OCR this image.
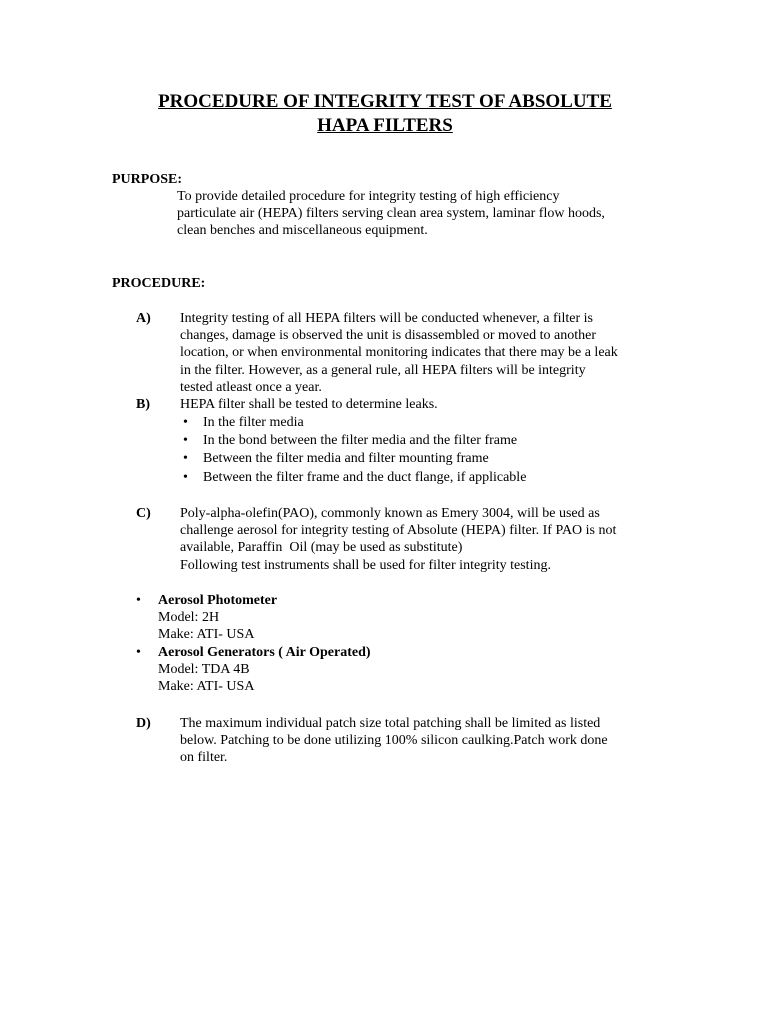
PROCEDURE OF INTEGRITY TEST OF ABSOLUTE
HAPA FILTERS
PURPOSE:
To provide detailed procedure for integrity testing of high efficiency
particulate air (HEPA) filters serving clean area system, laminar flow hoods,
clean benches and miscellaneous equipment.
PROCEDURE:
A) Integrity testing of all HEPA filters will be conducted whenever, a filter is
changes, damage is observed the unit is disassembled or moved to another
location, or when environmental monitoring indicates that there may be a leak
in the filter. However, as a general rule, all HEPA filters will be integrity
tested atleast once a year.
B) HEPA filter shall be tested to determine leaks.
• In the filter media
• In the bond between the filter media and the filter frame
• Between the filter media and filter mounting frame
• Between the filter frame and the duct flange, if applicable
C) Poly-alpha-olefin(PAO), commonly known as Emery 3004, will be used as
challenge aerosol for integrity testing of Absolute (HEPA) filter. If PAO is not
available, Paraffin  Oil (may be used as substitute)
Following test instruments shall be used for filter integrity testing.
• Aerosol Photometer
Model: 2H
Make: ATI- USA
• Aerosol Generators ( Air Operated)
Model: TDA 4B
Make: ATI- USA
D) The maximum individual patch size total patching shall be limited as listed
below. Patching to be done utilizing 100% silicon caulking.Patch work done
on filter.
